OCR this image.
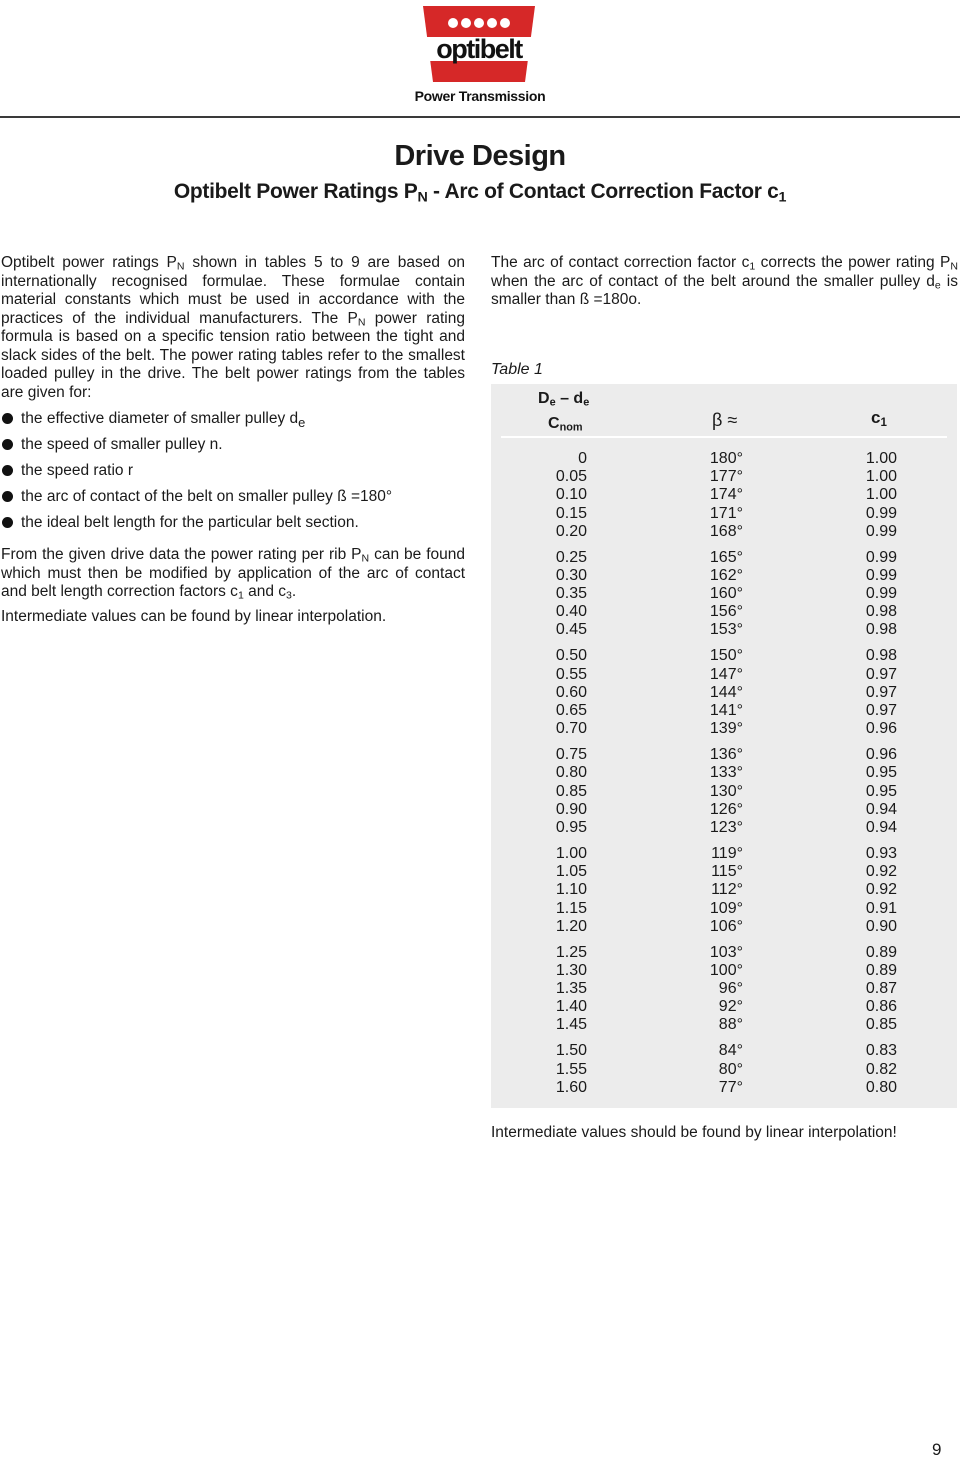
optibelt
Power Transmission
Drive Design
Optibelt Power Ratings $P_N$ - Arc of Contact Correction Factor $c_1$

Optibelt power ratings $P_N$ shown in tables 5 to 9 are based on internationally recognised formulae. These formulae contain material constants which must be used in accordance with the practices of the individual manufacturers. The $P_N$ power rating formula is based on a specific tension ratio between the tight and slack sides of the belt. The power rating tables refer to the smallest loaded pulley in the drive. The belt power ratings from the tables are given for:

the effective diameter of smaller pulley $d_e$
the speed of smaller pulley n.
the speed ratio r
the arc of contact of the belt on smaller pulley ß =180°
the ideal belt length for the particular belt section.

From the given drive data the power rating per rib $P_N$ can be found which must then be modified by application of the arc of contact and belt length correction factors $c_1$ and $c_3$.

Intermediate values can be found by linear interpolation.

The arc of contact correction factor $c_1$ corrects the power rating $P_N$ when the arc of contact of the belt around the smaller pulley $d_e$ is smaller than ß =180o.

Table 1
$D_e - d_e$
$C_{nom}$	β ≈	$c_1$
0	180°	1.00
0.05	177°	1.00
0.10	174°	1.00
0.15	171°	0.99
0.20	168°	0.99
0.25	165°	0.99
0.30	162°	0.99
0.35	160°	0.99
0.40	156°	0.98
0.45	153°	0.98
0.50	150°	0.98
0.55	147°	0.97
0.60	144°	0.97
0.65	141°	0.97
0.70	139°	0.96
0.75	136°	0.96
0.80	133°	0.95
0.85	130°	0.95
0.90	126°	0.94
0.95	123°	0.94
1.00	119°	0.93
1.05	115°	0.92
1.10	112°	0.92
1.15	109°	0.91
1.20	106°	0.90
1.25	103°	0.89
1.30	100°	0.89
1.35	96°	0.87
1.40	92°	0.86
1.45	88°	0.85
1.50	84°	0.83
1.55	80°	0.82
1.60	77°	0.80
Intermediate values should be found by linear interpolation!
9
